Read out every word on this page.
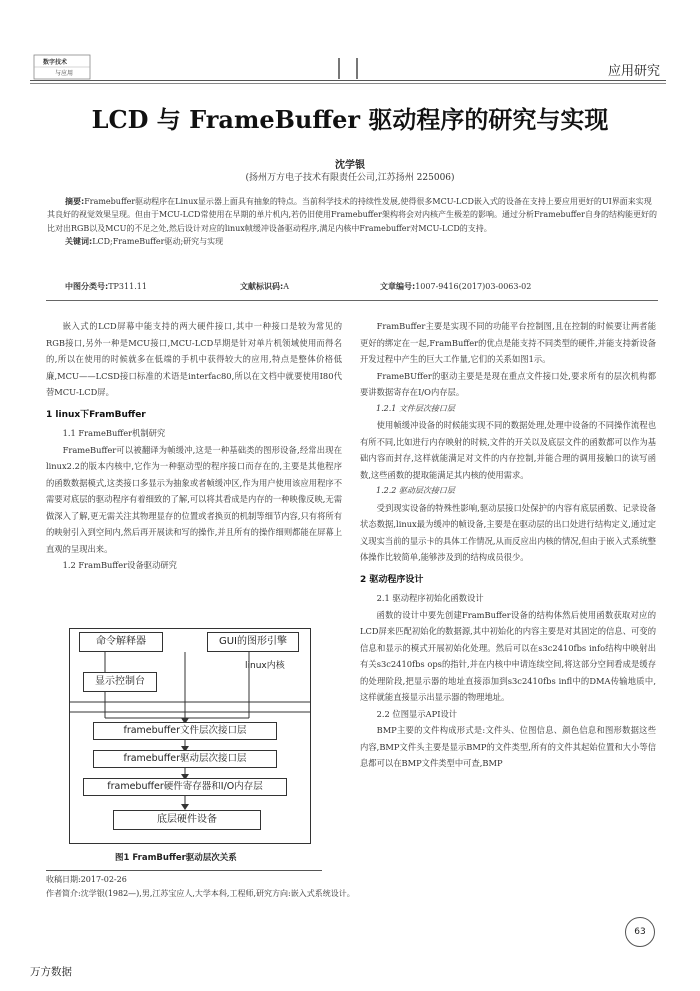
数字技术
与应用	应用研究
LCD 与 FrameBuffer 驱动程序的研究与实现
沈学银
(扬州万方电子技术有限责任公司,江苏扬州 225006)
摘要:Framebuffer驱动程序在Linux显示器上面具有抽象的特点。当前科学技术的持续性发展,使得很多MCU-LCD嵌入式的设备在支持上要应用更好的UI界面来实现其良好的视觉效果呈现。但由于MCU-LCD常使用在早期的单片机内,若仍旧使用Framebuffer架构将会对内核产生极差的影响。通过分析Framebuffer自身的结构能更好的比对出RGB以及MCU的不足之处,然后设计对应的linux帧缓冲设备驱动程序,满足内核中Framebuffer对MCU-LCD的支持。
关键词:LCD;FrameBuffer驱动;研究与实现
中图分类号:TP311.11	文献标识码:A	文章编号:1007-9416(2017)03-0063-02

嵌入式的LCD屏幕中能支持的两大硬件接口,其中一种接口是较为常见的RGB接口,另外一种是MCU接口,MCU-LCD早期是针对单片机领域使用而得名的,所以在使用的时候就多在低端的手机中获得较大的应用,特点是整体价格低廉,MCU——LCSD接口标准的术语是interfac80,所以在文档中就要使用I80代替MCU-LCD屏。

1 linux下FramBuffer
1.1 FrameBuffer机制研究

FrameBuffer可以被翻译为帧缓冲,这是一种基础类的图形设备,经常出现在linux2.2的版本内核中,它作为一种驱动型的程序接口而存在的,主要是其他程序的函数数据模式,这类接口多显示为抽象或者帧缓冲区,作为用户使用该应用程序不需要对底层的驱动程序有着细致的了解,可以将其看成是内存的一种映像反映,无需做深入了解,更无需关注其物理显存的位置或者换页的机制等细节内容,只有将所有的映射引入到空间内,然后再开展读和写的操作,并且所有的操作细则都能在屏幕上直观的呈现出来。

1.2 FramBuffer设备驱动研究
命令解释器	GUI的图形引擎
linux内核
显示控制台
framebuffer文件层次接口层
framebuffer驱动层次接口层
framebuffer硬件寄存器和I/O内存层
底层硬件设备
图1 FramBuffer驱动层次关系
收稿日期:2017-02-26
作者简介:沈学银(1982—),男,江苏宝应人,大学本科,工程师,研究方向:嵌入式系统设计。

FramBuffer主要是实现不同的功能平台控制图,且在控制的时候要让两者能更好的绑定在一起,FramBuffer的优点是能支持不同类型的硬件,并能支持新设备开发过程中产生的巨大工作量,它们的关系如图1示。

FrameBUffer的驱动主要是是现在重点文件接口处,要求所有的层次机构都要讲数据寄存在I/O内存层。

1.2.1 文件层次接口层

使用帧缓冲设备的时候能实现不同的数据处理,处理中设备的不同操作流程也有所不同,比如进行内存映射的时候,文件的开关以及底层文件的函数都可以作为基础内容而封存,这样就能满足对文件的内存控制,并能合理的调用接触口的读写函数,这些函数的提取能满足其内核的使用需求。

1.2.2 驱动层次接口层

受到现实设备的特殊性影响,驱动层接口处保护的内容有底层函数、记录设备状态数据,linux最为缓冲的帧设备,主要是在驱动层的出口处进行结构定义,通过定义现实当前的显示卡的具体工作情况,从而反应出内核的情况,但由于嵌入式系统整体操作比较简单,能够涉及到的结构成员很少。

2 驱动程序设计
2.1 驱动程序初始化函数设计

函数的设计中要先创建FramBuffer设备的结构体然后使用函数获取对应的LCD屏来匹配初始化的数据源,其中初始化的内容主要是对其固定的信息、可变的信息和显示的模式开展初始化处理。然后可以在s3c2410fbs info结构中映射出有关s3c2410fbs ops的指针,并在内核中申请连续空间,将这部分空间看成是缓存的处理阶段,把显示器的地址直接添加到s3c2410fbs infl中的DMA传输地质中,这样就能直接显示出显示器的物理地址。

2.2 位图显示API设计

BMP主要的文件构成形式是:文件头、位图信息、颜色信息和图形数据这些内容,BMP文件头主要是显示BMP的文件类型,所有的文件其起始位置和大小等信息都可以在BMP文件类型中可查,BMP

63
万方数据
